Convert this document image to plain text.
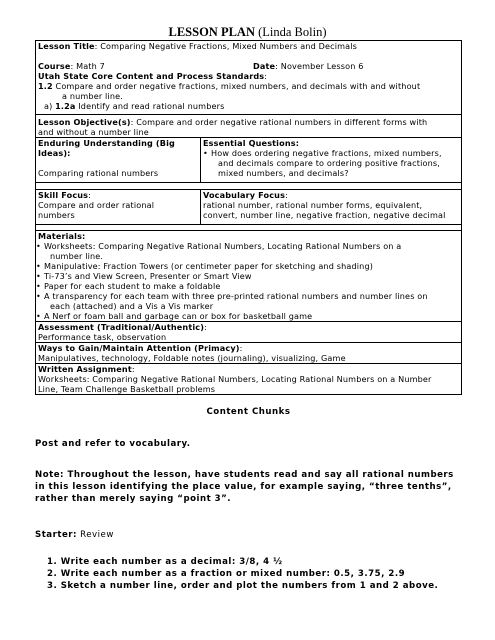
LESSON PLAN (Linda Bolin)
Lesson Title: Comparing Negative Fractions, Mixed Numbers and Decimals
Course: Math 7	Date: November Lesson 6
Utah State Core Content and Process Standards:
1.2 Compare and order negative fractions, mixed numbers, and decimals with and without
a number line.
a) 1.2a Identify and read rational numbers
Lesson Objective(s): Compare and order negative rational numbers in different forms with
and without a number line
Enduring Understanding (Big
Ideas):
Comparing rational numbers
Essential Questions:
• How does ordering negative fractions, mixed numbers,
and decimals compare to ordering positive fractions,
mixed numbers, and decimals?
Skill Focus:
Compare and order rational
numbers
Vocabulary Focus:
rational number, rational number forms, equivalent,
convert, number line, negative fraction, negative decimal
Materials:
• Worksheets: Comparing Negative Rational Numbers, Locating Rational Numbers on a
number line.
• Manipulative: Fraction Towers (or centimeter paper for sketching and shading)
• Ti-73’s and View Screen, Presenter or Smart View
• Paper for each student to make a foldable
• A transparency for each team with three pre-printed rational numbers and number lines on
each (attached) and a Vis a Vis marker
• A Nerf or foam ball and garbage can or box for basketball game
Assessment (Traditional/Authentic):
Performance task, observation
Ways to Gain/Maintain Attention (Primacy):
Manipulatives, technology, Foldable notes (journaling), visualizing, Game
Written Assignment:
Worksheets: Comparing Negative Rational Numbers, Locating Rational Numbers on a Number
Line, Team Challenge Basketball problems
Content Chunks
Post and refer to vocabulary.
Note: Throughout the lesson, have students read and say all rational numbers
in this lesson identifying the place value, for example saying, “three tenths”,
rather than merely saying “point 3”.
Starter: Review
1. Write each number as a decimal: 3/8, 4 ½
2. Write each number as a fraction or mixed number: 0.5, 3.75, 2.9
3. Sketch a number line, order and plot the numbers from 1 and 2 above.
